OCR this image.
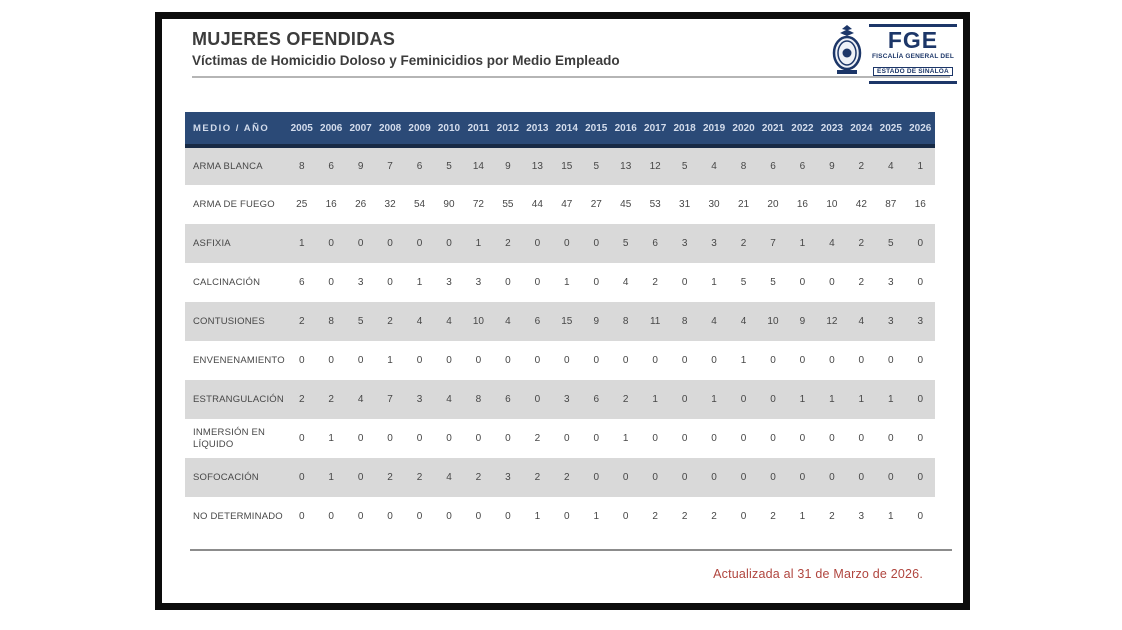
MUJERES OFENDIDAS
Víctimas de Homicidio Doloso y Feminicidios por Medio Empleado
FGE
FISCALÍA GENERAL DEL
ESTADO DE SINALOA
MEDIO / AÑO	2005	2006	2007	2008	2009	2010	2011	2012	2013	2014	2015	2016	2017	2018	2019	2020	2021	2022	2023	2024	2025	2026
ARMA BLANCA	8	6	9	7	6	5	14	9	13	15	5	13	12	5	4	8	6	6	9	2	4	1
ARMA DE FUEGO	25	16	26	32	54	90	72	55	44	47	27	45	53	31	30	21	20	16	10	42	87	16
ASFIXIA	1	0	0	0	0	0	1	2	0	0	0	5	6	3	3	2	7	1	4	2	5	0
CALCINACIÓN	6	0	3	0	1	3	3	0	0	1	0	4	2	0	1	5	5	0	0	2	3	0
CONTUSIONES	2	8	5	2	4	4	10	4	6	15	9	8	11	8	4	4	10	9	12	4	3	3
ENVENENAMIENTO	0	0	0	1	0	0	0	0	0	0	0	0	0	0	0	1	0	0	0	0	0	0
ESTRANGULACIÓN	2	2	4	7	3	4	8	6	0	3	6	2	1	0	1	0	0	1	1	1	1	0
INMERSIÓN EN LÍQUIDO	0	1	0	0	0	0	0	0	2	0	0	1	0	0	0	0	0	0	0	0	0	0
SOFOCACIÓN	0	1	0	2	2	4	2	3	2	2	0	0	0	0	0	0	0	0	0	0	0	0
NO DETERMINADO	0	0	0	0	0	0	0	0	1	0	1	0	2	2	2	0	2	1	2	3	1	0
Actualizada al 31 de Marzo de 2026.
